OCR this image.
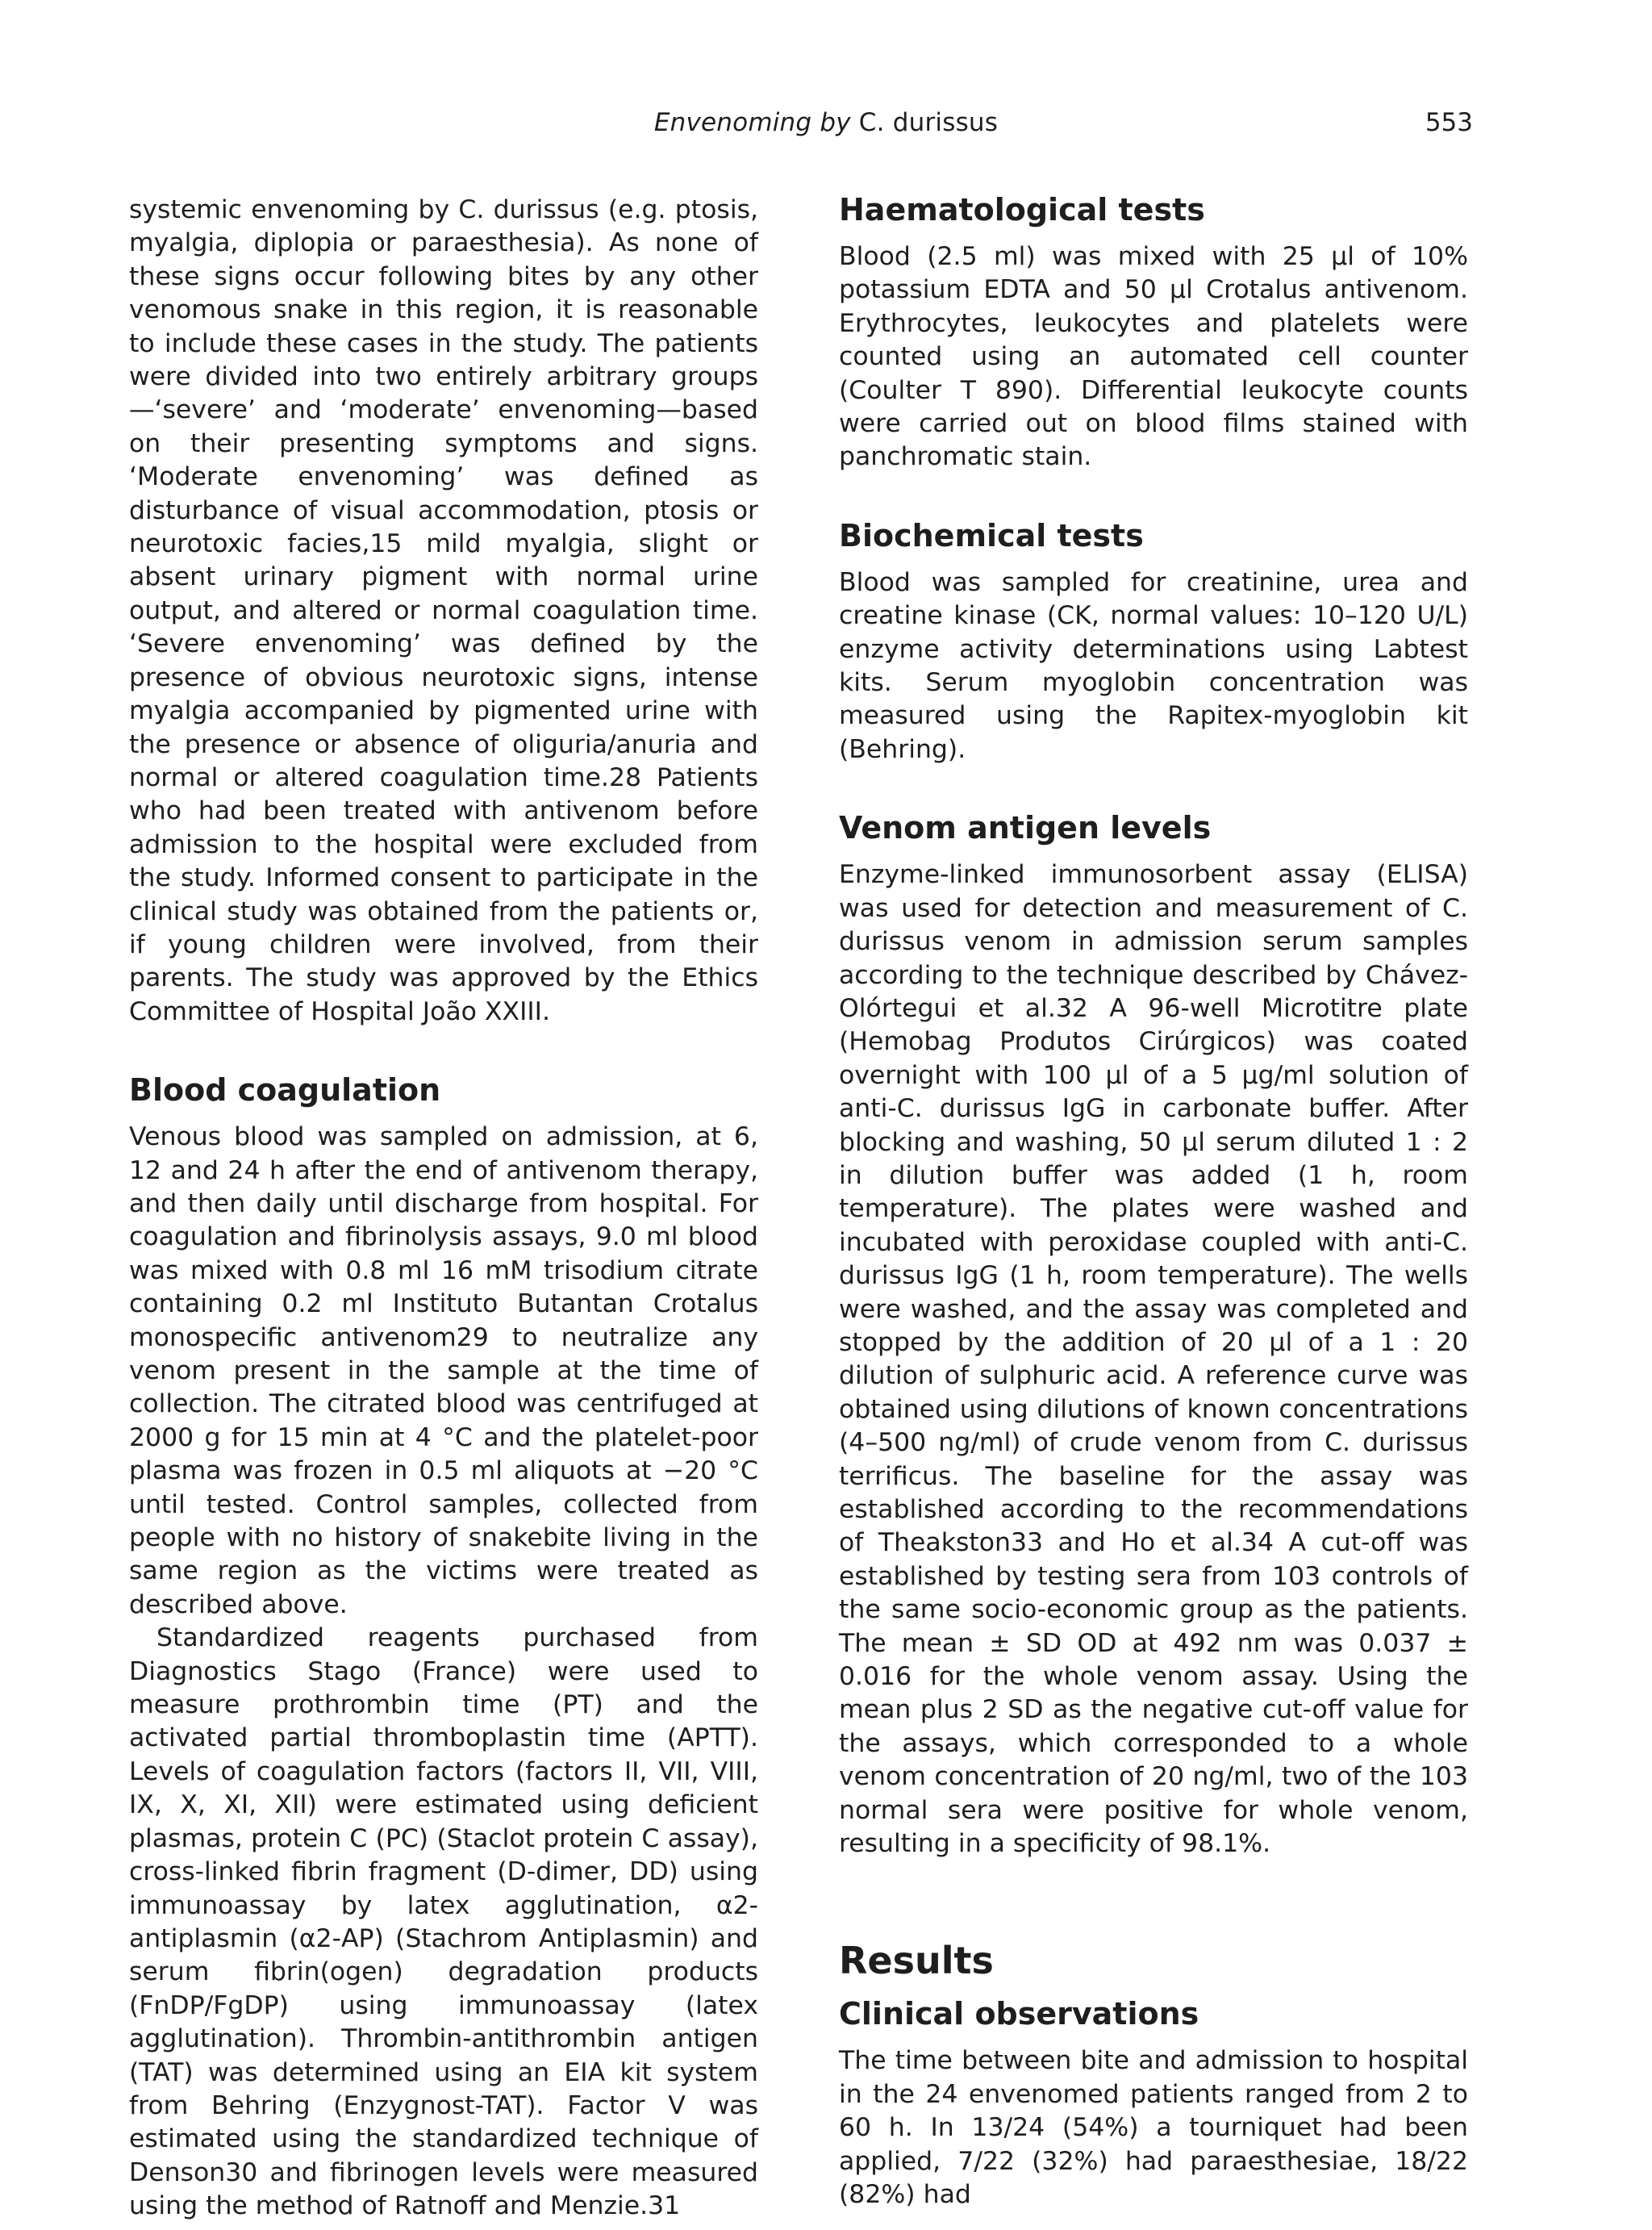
Envenoming by C. durissus	553

systemic envenoming by C. durissus (e.g. ptosis, myalgia, diplopia or paraesthesia). As none of these signs occur following bites by any other venomous snake in this region, it is reasonable to include these cases in the study. The patients were divided into two entirely arbitrary groups—‘severe’ and ‘moderate’ envenoming—based on their presenting symptoms and signs. ‘Moderate envenoming’ was defined as disturbance of visual accommodation, ptosis or neurotoxic facies,15 mild myalgia, slight or absent urinary pigment with normal urine output, and altered or normal coagulation time. ‘Severe envenoming’ was defined by the presence of obvious neurotoxic signs, intense myalgia accompanied by pigmented urine with the presence or absence of oliguria/anuria and normal or altered coagulation time.28 Patients who had been treated with antivenom before admission to the hospital were excluded from the study. Informed consent to participate in the clinical study was obtained from the patients or, if young children were involved, from their parents. The study was approved by the Ethics Committee of Hospital João XXIII.

Blood coagulation

Venous blood was sampled on admission, at 6, 12 and 24 h after the end of antivenom therapy, and then daily until discharge from hospital. For coagulation and fibrinolysis assays, 9.0 ml blood was mixed with 0.8 ml 16 mM trisodium citrate containing 0.2 ml Instituto Butantan Crotalus monospecific antivenom29 to neutralize any venom present in the sample at the time of collection. The citrated blood was centrifuged at 2000 g for 15 min at 4 °C and the platelet-poor plasma was frozen in 0.5 ml aliquots at −20 °C until tested. Control samples, collected from people with no history of snakebite living in the same region as the victims were treated as described above.

Standardized reagents purchased from Diagnostics Stago (France) were used to measure prothrombin time (PT) and the activated partial thromboplastin time (APTT). Levels of coagulation factors (factors II, VII, VIII, IX, X, XI, XII) were estimated using deficient plasmas, protein C (PC) (Staclot protein C assay), cross-linked fibrin fragment (D-dimer, DD) using immunoassay by latex agglutination, α2-antiplasmin (α2-AP) (Stachrom Antiplasmin) and serum fibrin(ogen) degradation products (FnDP/FgDP) using immunoassay (latex agglutination). Thrombin-antithrombin antigen (TAT) was determined using an EIA kit system from Behring (Enzygnost-TAT). Factor V was estimated using the standardized technique of Denson30 and fibrinogen levels were measured using the method of Ratnoff and Menzie.31

Haematological tests

Blood (2.5 ml) was mixed with 25 μl of 10% potassium EDTA and 50 μl Crotalus antivenom. Erythrocytes, leukocytes and platelets were counted using an automated cell counter (Coulter T 890). Differential leukocyte counts were carried out on blood films stained with panchromatic stain.

Biochemical tests

Blood was sampled for creatinine, urea and creatine kinase (CK, normal values: 10–120 U/L) enzyme activity determinations using Labtest kits. Serum myoglobin concentration was measured using the Rapitex-myoglobin kit (Behring).

Venom antigen levels

Enzyme-linked immunosorbent assay (ELISA) was used for detection and measurement of C. durissus venom in admission serum samples according to the technique described by Chávez-Olórtegui et al.32 A 96-well Microtitre plate (Hemobag Produtos Cirúrgicos) was coated overnight with 100 μl of a 5 μg/ml solution of anti-C. durissus IgG in carbonate buffer. After blocking and washing, 50 μl serum diluted 1 : 2 in dilution buffer was added (1 h, room temperature). The plates were washed and incubated with peroxidase coupled with anti-C. durissus IgG (1 h, room temperature). The wells were washed, and the assay was completed and stopped by the addition of 20 μl of a 1 : 20 dilution of sulphuric acid. A reference curve was obtained using dilutions of known concentrations (4–500 ng/ml) of crude venom from C. durissus terrificus. The baseline for the assay was established according to the recommendations of Theakston33 and Ho et al.34 A cut-off was established by testing sera from 103 controls of the same socio-economic group as the patients. The mean ± SD OD at 492 nm was 0.037 ± 0.016 for the whole venom assay. Using the mean plus 2 SD as the negative cut-off value for the assays, which corresponded to a whole venom concentration of 20 ng/ml, two of the 103 normal sera were positive for whole venom, resulting in a specificity of 98.1%.

Results
Clinical observations

The time between bite and admission to hospital in the 24 envenomed patients ranged from 2 to 60 h. In 13/24 (54%) a tourniquet had been applied, 7/22 (32%) had paraesthesiae, 18/22 (82%) had
